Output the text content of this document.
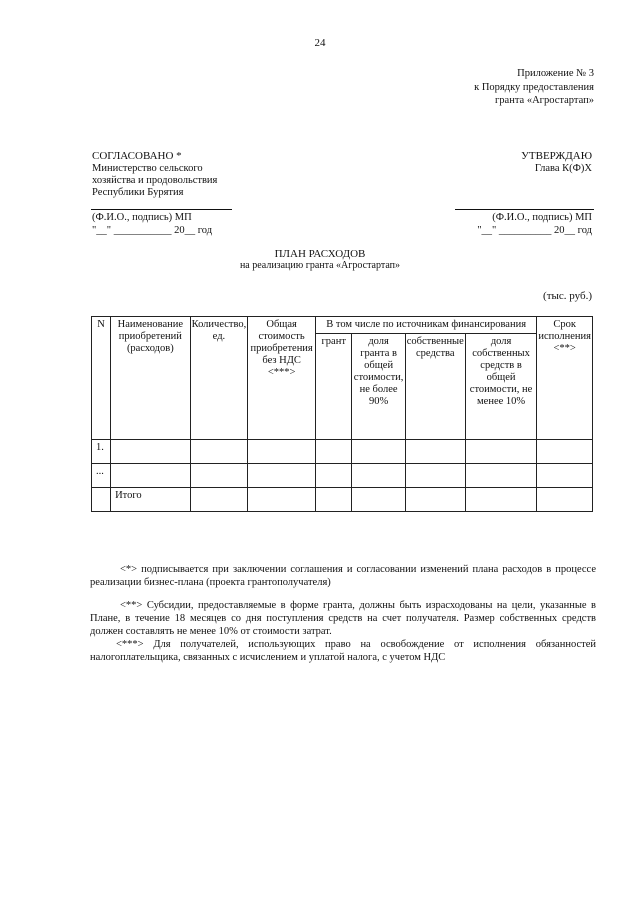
24
Приложение № 3
к Порядку предоставления
гранта «Агростартап»
СОГЛАСОВАНО *
Министерство сельского
хозяйства и продовольствия
Республики Бурятия
(Ф.И.О., подпись) МП
"__" ___________ 20__ год
УТВЕРЖДАЮ
Глава К(Ф)Х
(Ф.И.О., подпись) МП
"__" __________ 20__ год
ПЛАН РАСХОДОВ
на реализацию гранта «Агростартап»
(тыс. руб.)
N	Наименование приобретений (расходов)	Количество, ед.	Общая стоимость приобретения без НДС <***>	В том числе по источникам финансирования				Срок исполнения <**>
				грант	доля гранта в общей стоимости, не более 90%	собственные средства	доля собственных средств в общей стоимости, не менее 10%	
1.								
...								
	Итого							

<*> подписывается при заключении соглашения и согласовании изменений плана расходов в процессе реализации бизнес-плана (проекта грантополучателя)

<**> Субсидии, предоставляемые в форме гранта, должны быть израсходованы на цели, указанные в Плане, в течение 18 месяцев со дня поступления средств на счет получателя. Размер собственных средств должен составлять не менее 10% от стоимости затрат.

<***> Для получателей, использующих право на освобождение от исполнения обязанностей налогоплательщика, связанных с исчислением и уплатой налога, с учетом НДС
